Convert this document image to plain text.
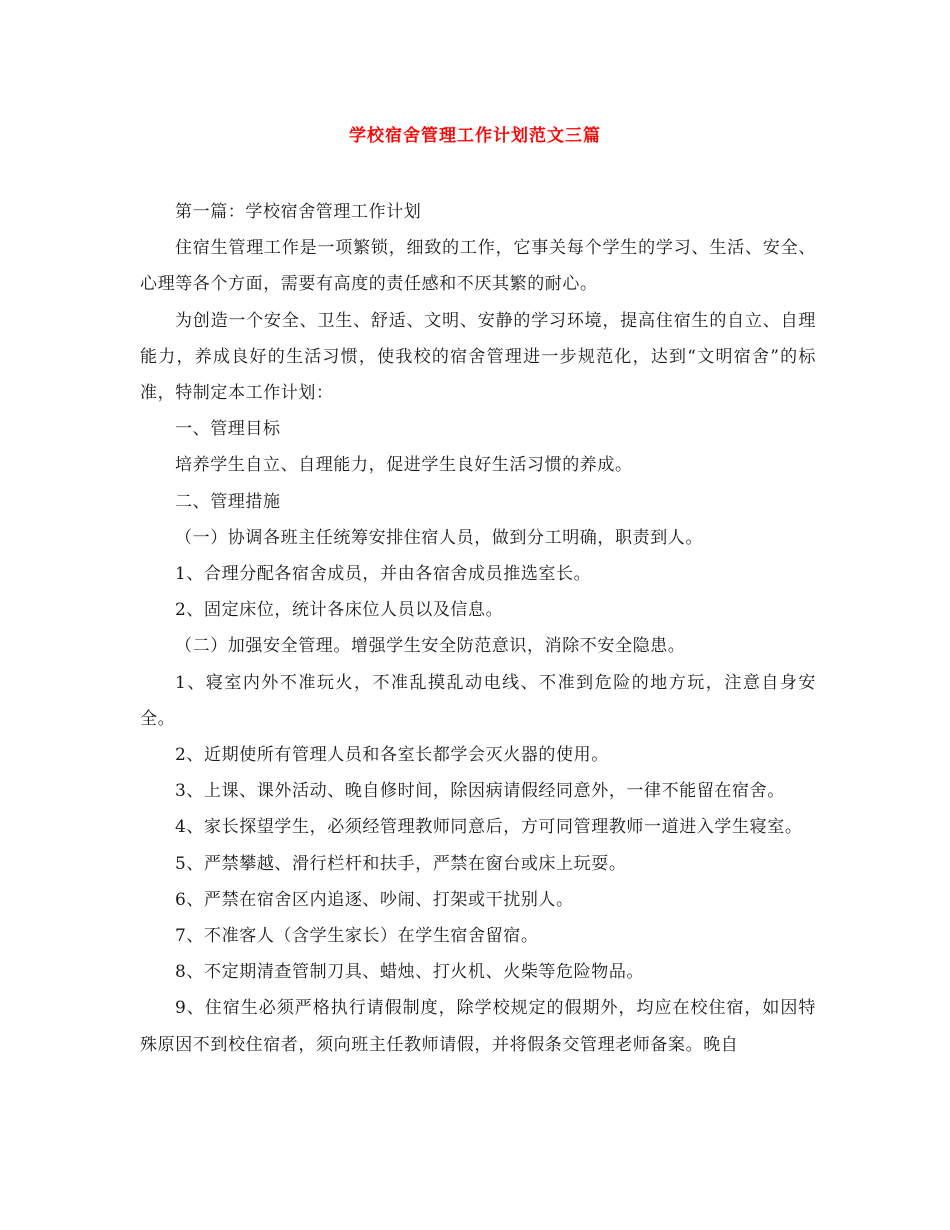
学校宿舍管理工作计划范文三篇

第一篇：学校宿舍管理工作计划

住宿生管理工作是一项繁锁，细致的工作，它事关每个学生的学习、生活、安全、心理等各个方面，需要有高度的责任感和不厌其繁的耐心。

为创造一个安全、卫生、舒适、文明、安静的学习环境，提高住宿生的自立、自理能力，养成良好的生活习惯，使我校的宿舍管理进一步规范化，达到“文明宿舍”的标准，特制定本工作计划：

一、管理目标

培养学生自立、自理能力，促进学生良好生活习惯的养成。

二、管理措施

（一）协调各班主任统筹安排住宿人员，做到分工明确，职责到人。

1、合理分配各宿舍成员，并由各宿舍成员推选室长。

2、固定床位，统计各床位人员以及信息。

（二）加强安全管理。增强学生安全防范意识，消除不安全隐患。

1、寝室内外不准玩火，不准乱摸乱动电线、不准到危险的地方玩，注意自身安全。

2、近期使所有管理人员和各室长都学会灭火器的使用。

3、上课、课外活动、晚自修时间，除因病请假经同意外，一律不能留在宿舍。

4、家长探望学生，必须经管理教师同意后，方可同管理教师一道进入学生寝室。

5、严禁攀越、滑行栏杆和扶手，严禁在窗台或床上玩耍。

6、严禁在宿舍区内追逐、吵闹、打架或干扰别人。

7、不准客人（含学生家长）在学生宿舍留宿。

8、不定期清查管制刀具、蜡烛、打火机、火柴等危险物品。

9、住宿生必须严格执行请假制度，除学校规定的假期外，均应在校住宿，如因特殊原因不到校住宿者，须向班主任教师请假，并将假条交管理老师备案。晚自
